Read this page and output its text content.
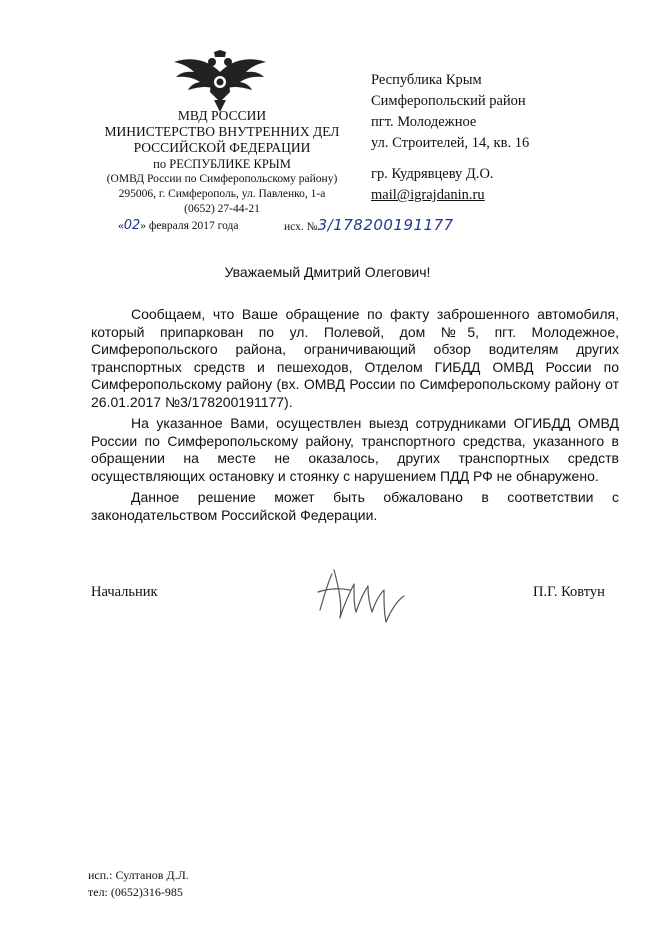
МВД РОССИИ
МИНИСТЕРСТВО ВНУТРЕННИХ ДЕЛ
РОССИЙСКОЙ ФЕДЕРАЦИИ
по РЕСПУБЛИКЕ КРЫМ
(ОМВД России по Симферопольскому району)
295006, г. Симферополь, ул. Павленко, 1-а
(0652) 27-44-21
«02» февраля 2017 года	исх. №3/178200191177
Республика Крым
Симферопольский район
пгт. Молодежное
ул. Строителей, 14, кв. 16
гр. Кудрявцеву Д.О.
mail@igrajdanin.ru
Уважаемый Дмитрий Олегович!

Сообщаем, что Ваше обращение по факту заброшенного автомобиля, который припаркован по ул. Полевой, дом №5, пгт. Молодежное, Симферопольского района, ограничивающий обзор водителям других транспортных средств и пешеходов, Отделом ГИБДД ОМВД России по Симферопольскому району (вх. ОМВД России по Симферопольскому району от 26.01.2017 №3/178200191177).

На указанное Вами, осуществлен выезд сотрудниками ОГИБДД ОМВД России по Симферопольскому району, транспортного средства, указанного в обращении на месте не оказалось, других транспортных средств осуществляющих остановку и стоянку с нарушением ПДД РФ не обнаружено.

Данное решение может быть обжаловано в соответствии с законодательством Российской Федерации.

Начальник	П.Г. Ковтун
исп.: Султанов Д.Л.
тел: (0652)316-985
